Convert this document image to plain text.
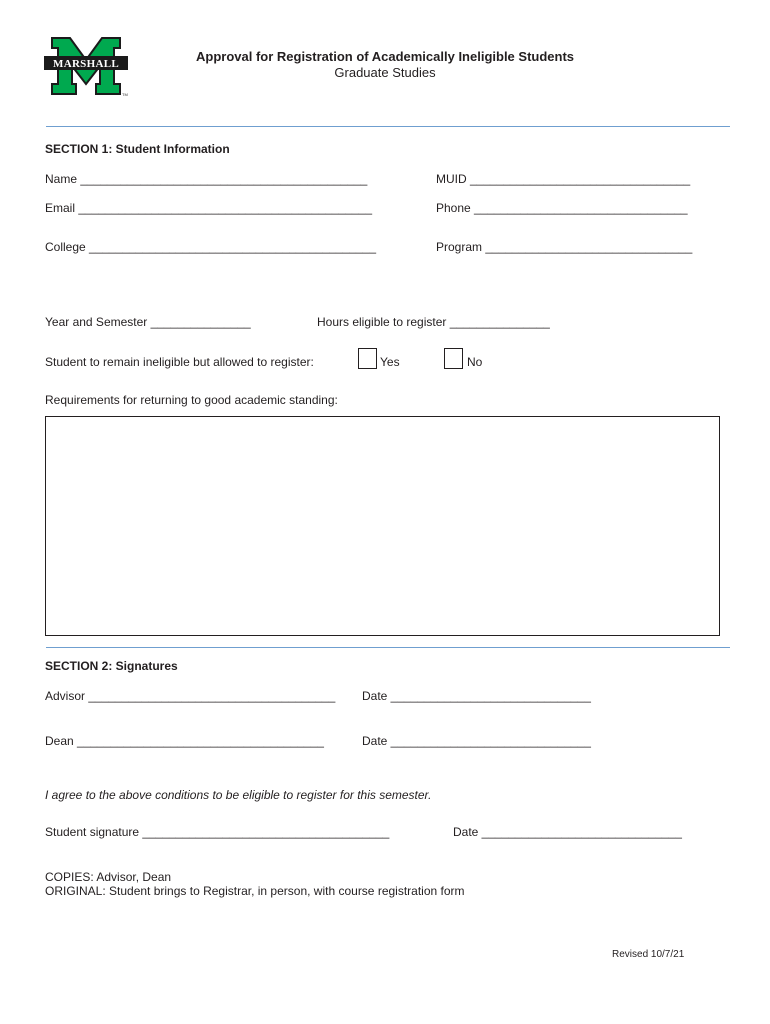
MARSHALL
TM
Approval for Registration of Academically Ineligible Students
Graduate Studies
SECTION 1: Student Information
Name ___________________________________________	MUID _________________________________
Email ____________________________________________	Phone ________________________________
College ___________________________________________	Program _______________________________
Year and Semester _______________	Hours eligible to register _______________
Student to remain ineligible but allowed to register:	Yes	No
Requirements for returning to good academic standing:
SECTION 2: Signatures
Advisor _____________________________________ Date ______________________________
Dean _____________________________________	Date ______________________________
I agree to the above conditions to be eligible to register for this semester.
Student signature _____________________________________	Date ______________________________
COPIES: Advisor, Dean
ORIGINAL: Student brings to Registrar, in person, with course registration form
Revised 10/7/21
